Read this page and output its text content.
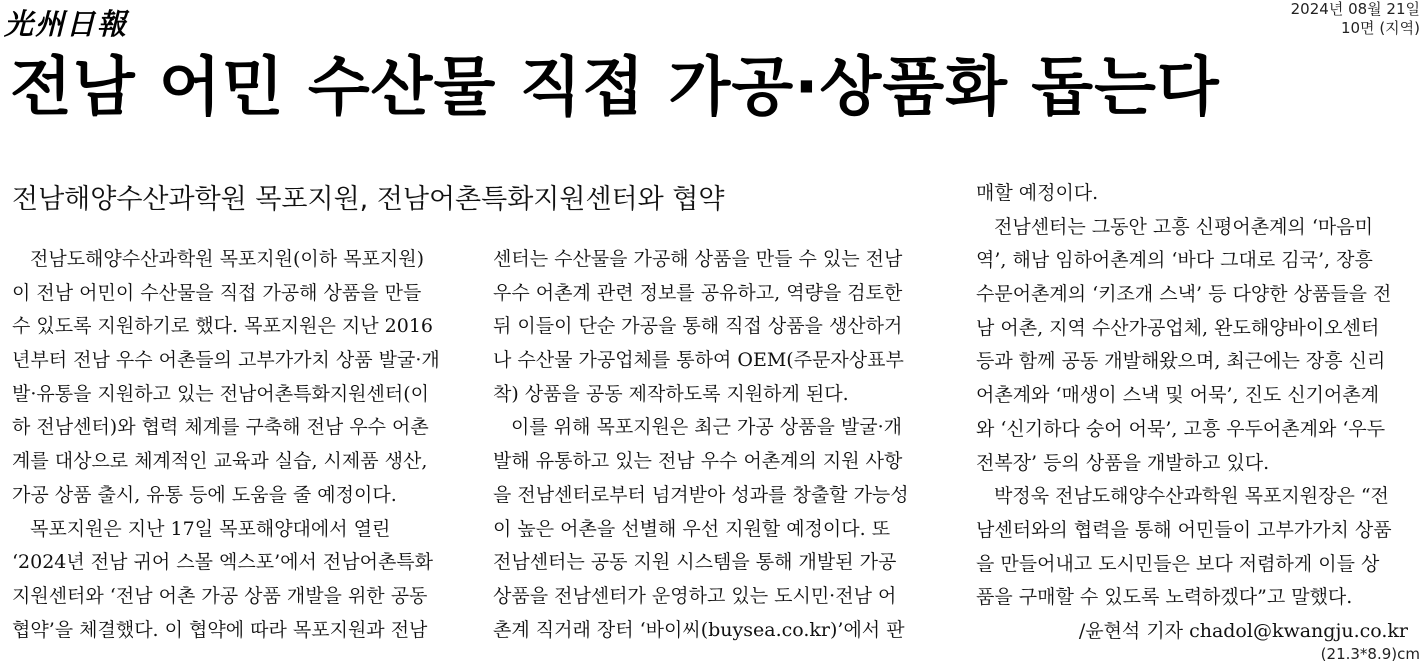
光州日報	2024년 08월 21일
10면 (지역)
전남 어민 수산물 직접 가공·상품화 돕는다
전남해양수산과학원 목포지원, 전남어촌특화지원센터와 협약
전남도해양수산과학원 목포지원(이하 목포지원)
이 전남 어민이 수산물을 직접 가공해 상품을 만들
수 있도록 지원하기로 했다. 목포지원은 지난 2016
년부터 전남 우수 어촌들의 고부가가치 상품 발굴·개
발·유통을 지원하고 있는 전남어촌특화지원센터(이
하 전남센터)와 협력 체계를 구축해 전남 우수 어촌
계를 대상으로 체계적인 교육과 실습, 시제품 생산,
가공 상품 출시, 유통 등에 도움을 줄 예정이다.
목포지원은 지난 17일 목포해양대에서 열린
‘2024년 전남 귀어 스몰 엑스포’에서 전남어촌특화
지원센터와 ‘전남 어촌 가공 상품 개발을 위한 공동
협약’을 체결했다. 이 협약에 따라 목포지원과 전남
센터는 수산물을 가공해 상품을 만들 수 있는 전남
우수 어촌계 관련 정보를 공유하고, 역량을 검토한
뒤 이들이 단순 가공을 통해 직접 상품을 생산하거
나 수산물 가공업체를 통하여 OEM(주문자상표부
착) 상품을 공동 제작하도록 지원하게 된다.
이를 위해 목포지원은 최근 가공 상품을 발굴·개
발해 유통하고 있는 전남 우수 어촌계의 지원 사항
을 전남센터로부터 넘겨받아 성과를 창출할 가능성
이 높은 어촌을 선별해 우선 지원할 예정이다. 또
전남센터는 공동 지원 시스템을 통해 개발된 가공
상품을 전남센터가 운영하고 있는 도시민·전남 어
촌계 직거래 장터 ‘바이씨(buysea.co.kr)’에서 판
매할 예정이다.
전남센터는 그동안 고흥 신평어촌계의 ‘마음미
역’, 해남 임하어촌계의 ‘바다 그대로 김국’, 장흥
수문어촌계의 ‘키조개 스낵’ 등 다양한 상품들을 전
남 어촌, 지역 수산가공업체, 완도해양바이오센터
등과 함께 공동 개발해왔으며, 최근에는 장흥 신리
어촌계와 ‘매생이 스낵 및 어묵’, 진도 신기어촌계
와 ‘신기하다 숭어 어묵’, 고흥 우두어촌계와 ‘우두
전복장’ 등의 상품을 개발하고 있다.
박정욱 전남도해양수산과학원 목포지원장은 “전
남센터와의 협력을 통해 어민들이 고부가가치 상품
을 만들어내고 도시민들은 보다 저렴하게 이들 상
품을 구매할 수 있도록 노력하겠다”고 말했다.
/윤현석 기자 chadol@kwangju.co.kr
(21.3*8.9)cm
